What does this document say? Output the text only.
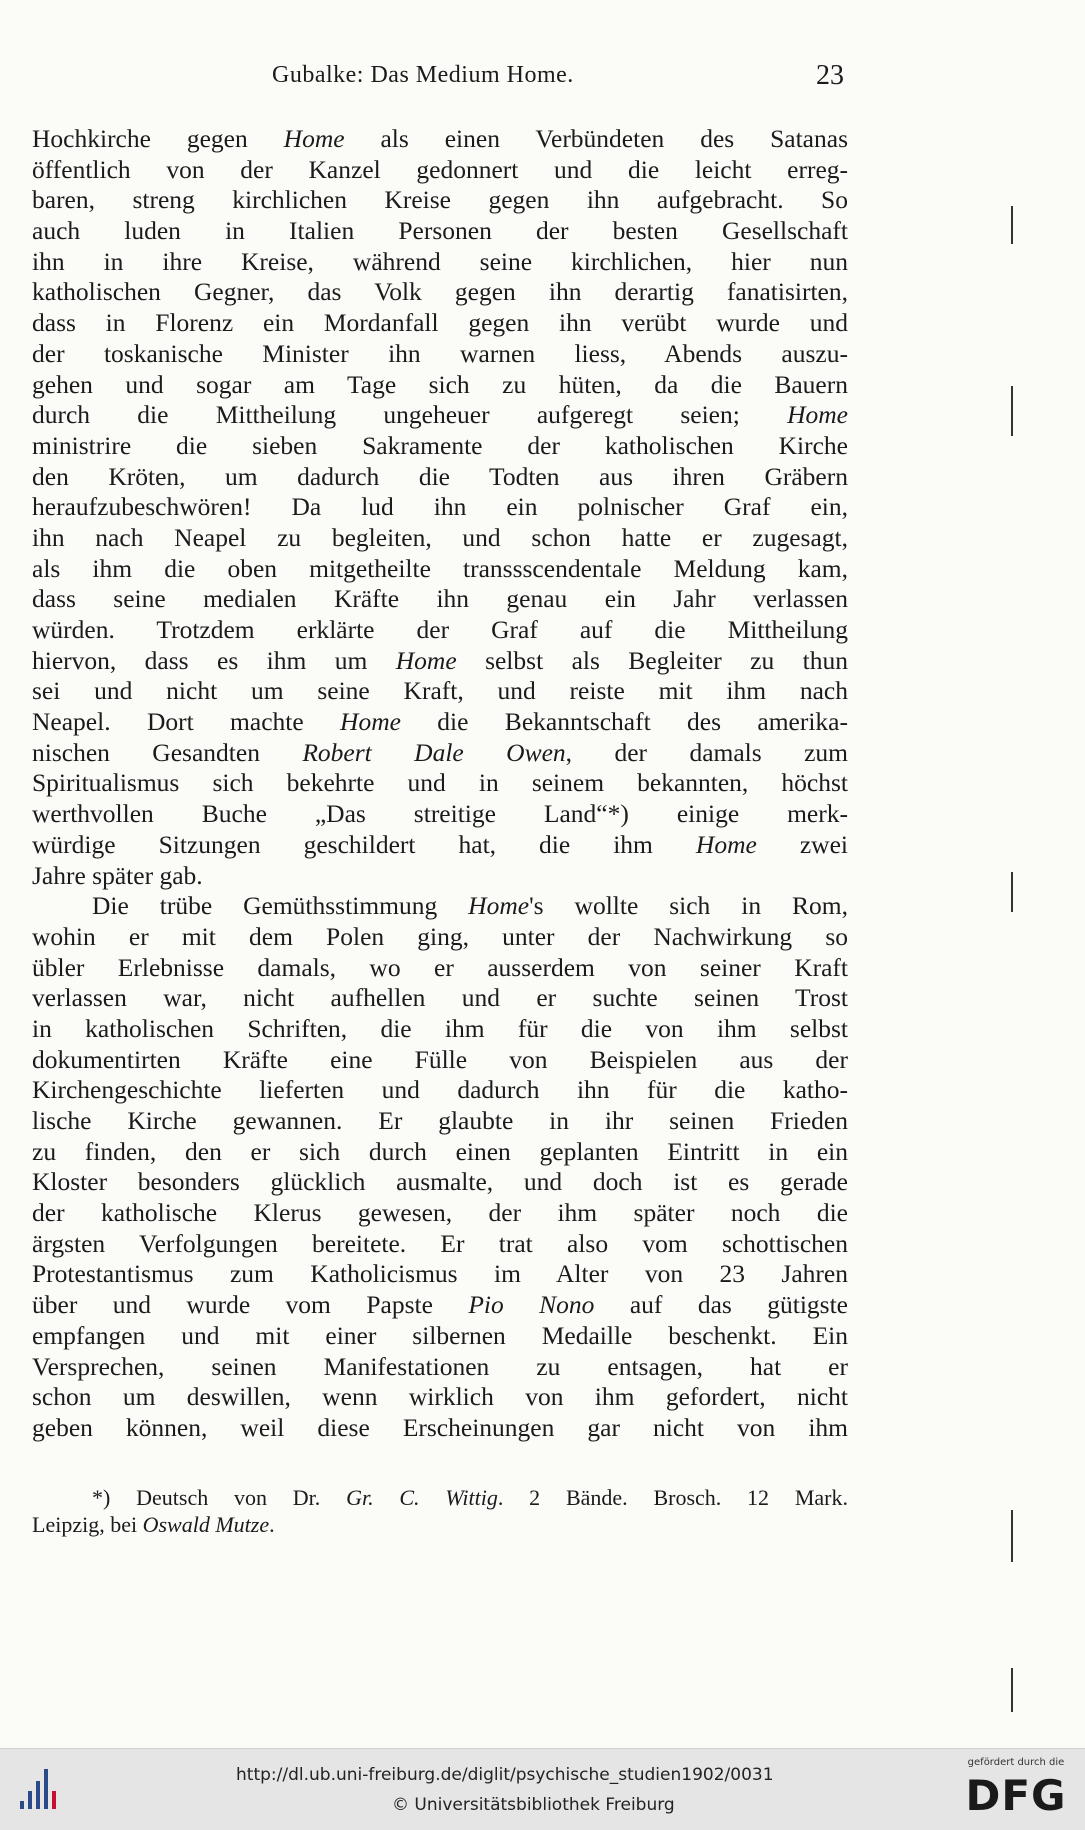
Gubalke: Das Medium Home.	23
Hochkirche gegen Home als einen Verbündeten des Satanas
öffentlich von der Kanzel gedonnert und die leicht erreg-
baren, streng kirchlichen Kreise gegen ihn aufgebracht. So
auch luden in Italien Personen der besten Gesellschaft
ihn in ihre Kreise, während seine kirchlichen, hier nun
katholischen Gegner, das Volk gegen ihn derartig fanatisirten,
dass in Florenz ein Mordanfall gegen ihn verübt wurde und
der toskanische Minister ihn warnen liess, Abends auszu-
gehen und sogar am Tage sich zu hüten, da die Bauern
durch die Mittheilung ungeheuer aufgeregt seien; Home
ministrire die sieben Sakramente der katholischen Kirche
den Kröten, um dadurch die Todten aus ihren Gräbern
heraufzubeschwören! Da lud ihn ein polnischer Graf ein,
ihn nach Neapel zu begleiten, und schon hatte er zugesagt,
als ihm die oben mitgetheilte transsscendentale Meldung kam,
dass seine medialen Kräfte ihn genau ein Jahr verlassen
würden. Trotzdem erklärte der Graf auf die Mittheilung
hiervon, dass es ihm um Home selbst als Begleiter zu thun
sei und nicht um seine Kraft, und reiste mit ihm nach
Neapel. Dort machte Home die Bekanntschaft des amerika-
nischen Gesandten Robert Dale Owen, der damals zum
Spiritualismus sich bekehrte und in seinem bekannten, höchst
werthvollen Buche „Das streitige Land“*) einige merk-
würdige Sitzungen geschildert hat, die ihm Home zwei
Jahre später gab.
Die trübe Gemüthsstimmung Home's wollte sich in Rom,
wohin er mit dem Polen ging, unter der Nachwirkung so
übler Erlebnisse damals, wo er ausserdem von seiner Kraft
verlassen war, nicht aufhellen und er suchte seinen Trost
in katholischen Schriften, die ihm für die von ihm selbst
dokumentirten Kräfte eine Fülle von Beispielen aus der
Kirchengeschichte lieferten und dadurch ihn für die katho-
lische Kirche gewannen. Er glaubte in ihr seinen Frieden
zu finden, den er sich durch einen geplanten Eintritt in ein
Kloster besonders glücklich ausmalte, und doch ist es gerade
der katholische Klerus gewesen, der ihm später noch die
ärgsten Verfolgungen bereitete. Er trat also vom schottischen
Protestantismus zum Katholicismus im Alter von 23 Jahren
über und wurde vom Papste Pio Nono auf das gütigste
empfangen und mit einer silbernen Medaille beschenkt. Ein
Versprechen, seinen Manifestationen zu entsagen, hat er
schon um deswillen, wenn wirklich von ihm gefordert, nicht
geben können, weil diese Erscheinungen gar nicht von ihm
*) Deutsch von Dr. Gr. C. Wittig. 2 Bände. Brosch. 12 Mark.
Leipzig, bei Oswald Mutze.
http://dl.ub.uni-freiburg.de/diglit/psychische_studien1902/0031
© Universitätsbibliothek Freiburg
gefördert durch die
DFG
